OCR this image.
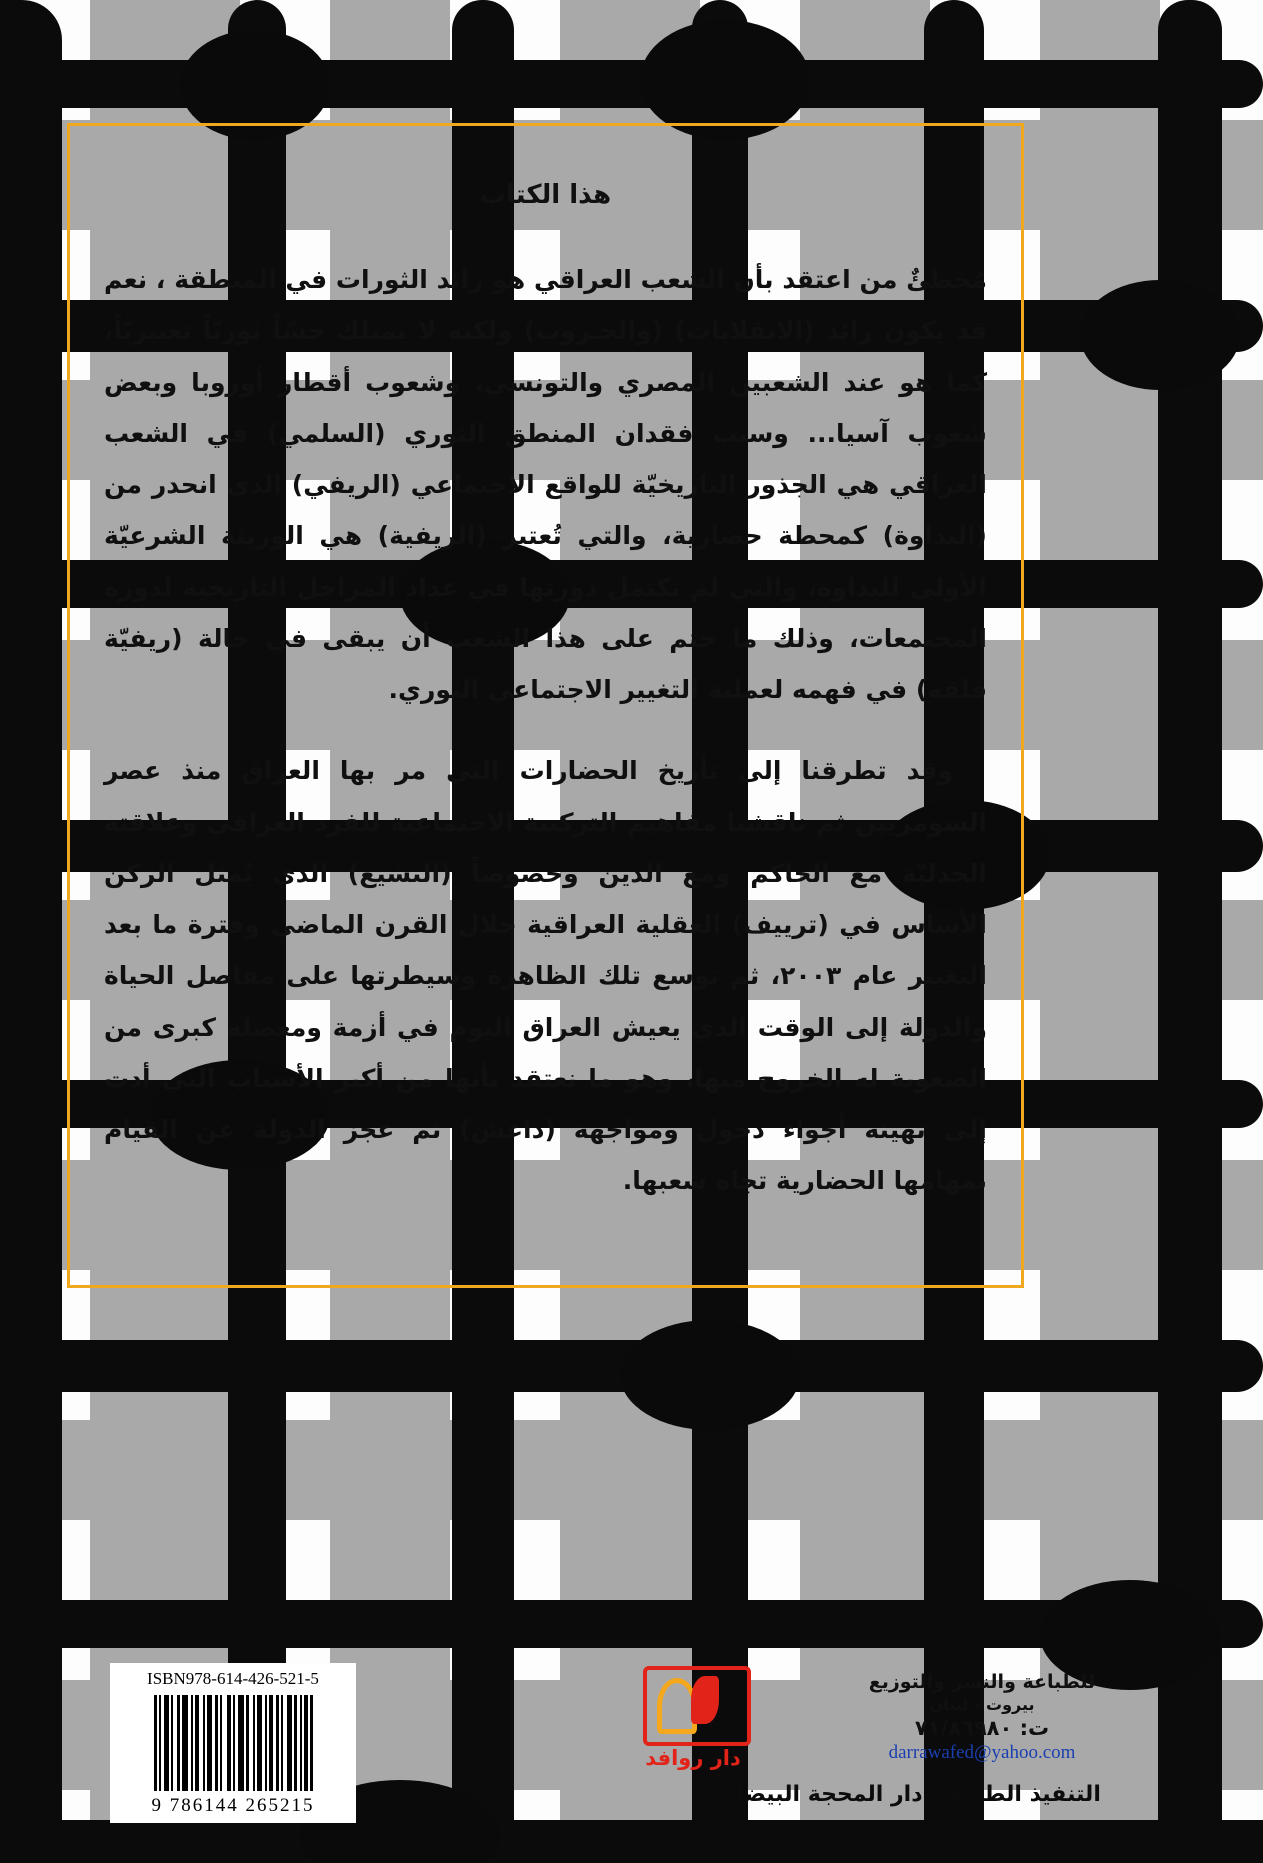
هذا الكتاب

مُخطئٌ من اعتقد بأن الشعب العراقي هو رائد الثورات في المنطقة ، نعم قد يكون رائد (الانقلابات) (والحـروب) ولكنه لا يمتلك حسّاً ثوريّاً تغييريّاً، كما هو عند الشعبين المصري والتونسي، وشعوب أقطار أوروبا وبعض شعوب آسيا... وسبب فقدان المنطق الثوري (السلمي) في الشعب العراقي هي الجذور التاريخيّة للواقع الاجتماعي (الريفي) الذي انحدر من (البداوة) كمحطة حضارية، والتي تُعتبر (الريفية) هي الوريثة الشرعيّة الأولى للبداوة، والتي لم تكتمل دورتها في عداد المراحل التاريخية لدورة المجتمعات، وذلك ما حتم على هذا الشعب أن يبقى في حالة (ريفيّة قلقة) في فهمه لعملية التغيير الاجتماعي الثوري.

وقد تطرقنا إلى تأريخ الحضارات التي مر بها العراق منذ عصر السومريين ثم ناقشنا مفاهيم التركيبة الاجتماعية للفرد العراقي وعلاقته الجدليّة مع الحاكم ومع الدين وخصوصاً (التشيع) الذي يُمثل الركن الأساس في (ترييف) العقلية العراقية خلال القرن الماضي وفترة ما بعد التغيير عام ٢٠٠٣، ثم توسع تلك الظاهرة وسيطرتها على مفاصل الحياة والدولة إلى الوقت الذي يعيش العراق اليوم في أزمة ومعضلة كبرى من الصعوبة له الخروج منها، وهو ما نعتقد بأنها من أكبر الأسباب التي أدت إلى تهيئة أجواء دخول ومواجهة (داعش) ثم عجز الدولة عن القيام بمهامها الحضارية تجاه شعبها.

ISBN978-614-426-521-5
9 786144 265215
دار روافد
للطباعة والنشر والتوزيع
بيروت - لبنان
ت: ٧١/٨٦٩٨٠
darrawafed@yahoo.com
التنفيذ الطباعي دار المحجة البيضاء
